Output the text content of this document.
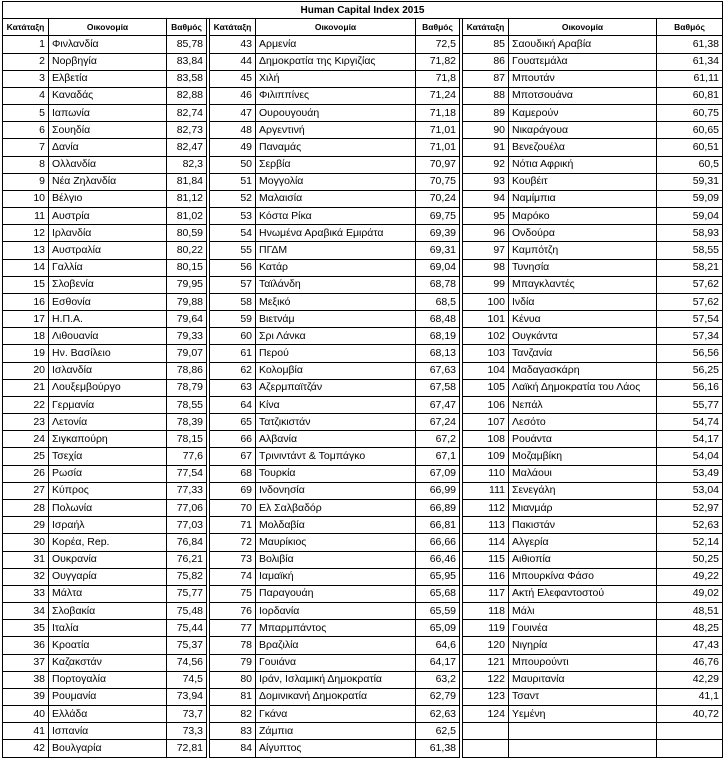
Human Capital Index 2015										
Κατάταξη	Οικονομία	Βαθμός		Κατάταξη	Οικονομία	Βαθμός		Κατάταξη	Οικονομία	Βαθμός
1	Φινλανδία	85,78		43	Αρμενία	72,5		85	Σαουδική Αραβία	61,38
2	Νορβηγία	83,84		44	Δημοκρατία της Κιργιζίας	71,82		86	Γουατεμάλα	61,34
3	Ελβετία	83,58		45	Χιλή	71,8		87	Μπουτάν	61,11
4	Καναδάς	82,88		46	Φιλιππίνες	71,24		88	Μποτσουάνα	60,81
5	Ιαπωνία	82,74		47	Ουρουγουάη	71,18		89	Καμερούν	60,75
6	Σουηδία	82,73		48	Αργεντινή	71,01		90	Νικαράγουα	60,65
7	Δανία	82,47		49	Παναμάς	71,01		91	Βενεζουέλα	60,51
8	Ολλανδία	82,3		50	Σερβία	70,97		92	Νότια Αφρική	60,5
9	Νέα Ζηλανδία	81,84		51	Μογγολία	70,75		93	Κουβέιτ	59,31
10	Βέλγιο	81,12		52	Μαλαισία	70,24		94	Ναμίμπια	59,09
11	Αυστρία	81,02		53	Κόστα Ρίκα	69,75		95	Μαρόκο	59,04
12	Ιρλανδία	80,59		54	Ηνωμένα Αραβικά Εμιράτα	69,39		96	Ονδούρα	58,93
13	Αυστραλία	80,22		55	ΠΓΔΜ	69,31		97	Καμπότζη	58,55
14	Γαλλία	80,15		56	Κατάρ	69,04		98	Τυνησία	58,21
15	Σλοβενία	79,95		57	Ταϊλάνδη	68,78		99	Μπαγκλαντές	57,62
16	Εσθονία	79,88		58	Μεξικό	68,5		100	Ινδία	57,62
17	Η.Π.Α.	79,64		59	Βιετνάμ	68,48		101	Κένυα	57,54
18	Λιθουανία	79,33		60	Σρι Λάνκα	68,19		102	Ουγκάντα	57,34
19	Ην. Βασίλειο	79,07		61	Περού	68,13		103	Τανζανία	56,56
20	Ισλανδία	78,86		62	Κολομβία	67,63		104	Μαδαγασκάρη	56,25
21	Λουξεμβούργο	78,79		63	Αζερμπαϊτζάν	67,58		105	Λαϊκή Δημοκρατία του Λάος	56,16
22	Γερμανία	78,55		64	Κίνα	67,47		106	Νεπάλ	55,77
23	Λετονία	78,39		65	Τατζικιστάν	67,24		107	Λεσότο	54,74
24	Σιγκαπούρη	78,15		66	Αλβανία	67,2		108	Ρουάντα	54,17
25	Τσεχία	77,6		67	Τρινιντάντ & Τομπάγκο	67,1		109	Μοζαμβίκη	54,04
26	Ρωσία	77,54		68	Τουρκία	67,09		110	Μαλάουι	53,49
27	Κύπρος	77,33		69	Ινδονησία	66,99		111	Σενεγάλη	53,04
28	Πολωνία	77,06		70	Ελ Σαλβαδόρ	66,89		112	Μιανμάρ	52,97
29	Ισραήλ	77,03		71	Μολδαβία	66,81		113	Πακιστάν	52,63
30	Κορέα, Rep.	76,84		72	Μαυρίκιος	66,66		114	Αλγερία	52,14
31	Ουκρανία	76,21		73	Βολιβία	66,46		115	Αιθιοπία	50,25
32	Ουγγαρία	75,82		74	Ιαμαϊκή	65,95		116	Μπουρκίνα Φάσο	49,22
33	Μάλτα	75,77		75	Παραγουάη	65,68		117	Ακτή Ελεφαντοστού	49,02
34	Σλοβακία	75,48		76	Ιορδανία	65,59		118	Μάλι	48,51
35	Ιταλία	75,44		77	Μπαρμπάντος	65,09		119	Γουινέα	48,25
36	Κροατία	75,37		78	Βραζιλία	64,6		120	Νιγηρία	47,43
37	Καζακστάν	74,56		79	Γουιάνα	64,17		121	Μπουρούντι	46,76
38	Πορτογαλία	74,5		80	Ιράν, Ισλαμική Δημοκρατία	63,2		122	Μαυριτανία	42,29
39	Ρουμανία	73,94		81	Δομινικανή Δημοκρατία	62,79		123	Τσαντ	41,1
40	Ελλάδα	73,7		82	Γκάνα	62,63		124	Υεμένη	40,72
41	Ισπανία	73,3		83	Ζάμπια	62,5				
42	Βουλγαρία	72,81		84	Αίγυπτος	61,38				
